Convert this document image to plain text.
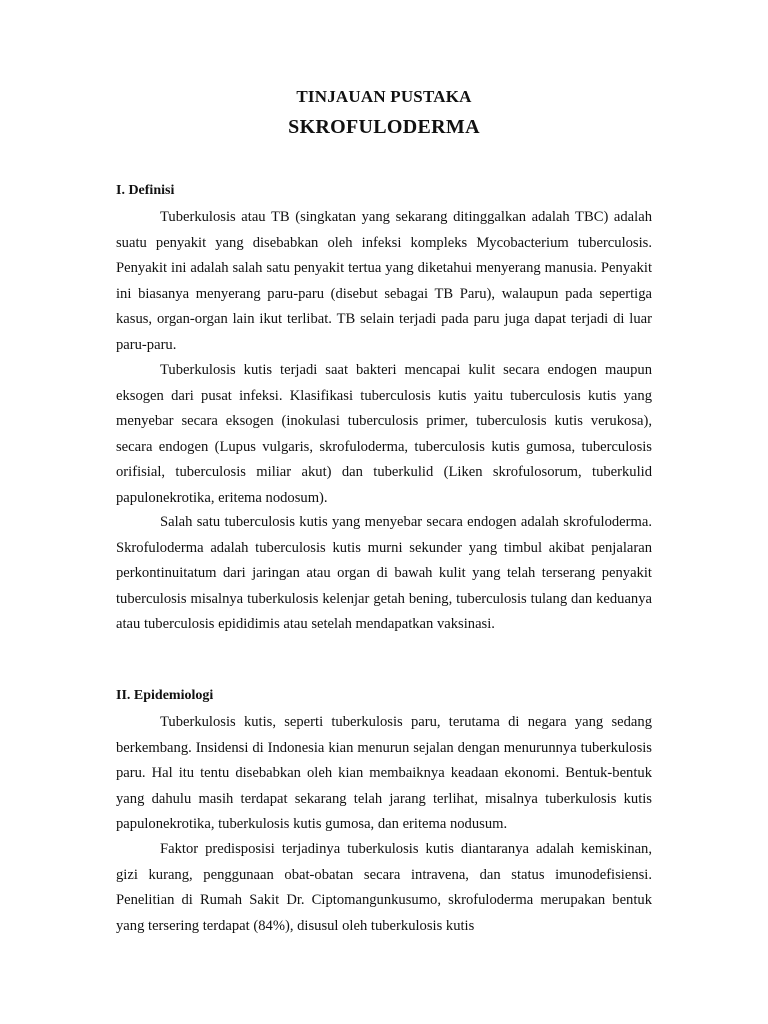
TINJAUAN PUSTAKA
SKROFULODERMA
I. Definisi

Tuberkulosis atau TB (singkatan yang sekarang ditinggalkan adalah TBC) adalah suatu penyakit yang disebabkan oleh infeksi kompleks Mycobacterium tuberculosis. Penyakit ini adalah salah satu penyakit tertua yang diketahui menyerang manusia. Penyakit ini biasanya menyerang paru-paru (disebut sebagai TB Paru), walaupun pada sepertiga kasus, organ-organ lain ikut terlibat. TB selain terjadi pada paru juga dapat terjadi di luar paru-paru.

Tuberkulosis kutis terjadi saat bakteri mencapai kulit secara endogen maupun eksogen dari pusat infeksi. Klasifikasi tuberculosis kutis yaitu tuberculosis kutis yang menyebar secara eksogen (inokulasi tuberculosis primer, tuberculosis kutis verukosa), secara endogen (Lupus vulgaris, skrofuloderma, tuberculosis kutis gumosa, tuberculosis orifisial, tuberculosis miliar akut) dan tuberkulid (Liken skrofulosorum, tuberkulid papulonekrotika, eritema nodosum).

Salah satu tuberculosis kutis yang menyebar secara endogen adalah skrofuloderma. Skrofuloderma adalah tuberculosis kutis murni sekunder yang timbul akibat penjalaran perkontinuitatum dari jaringan atau organ di bawah kulit yang telah terserang penyakit tuberculosis misalnya tuberkulosis kelenjar getah bening, tuberculosis tulang dan keduanya atau tuberculosis epididimis atau setelah mendapatkan vaksinasi.

II. Epidemiologi

Tuberkulosis kutis, seperti tuberkulosis paru, terutama di negara yang sedang berkembang. Insidensi di Indonesia kian menurun sejalan dengan menurunnya tuberkulosis paru. Hal itu tentu disebabkan oleh kian membaiknya keadaan ekonomi. Bentuk-bentuk yang dahulu masih terdapat sekarang telah jarang terlihat, misalnya tuberkulosis kutis papulonekrotika, tuberkulosis kutis gumosa, dan eritema nodusum.

Faktor predisposisi terjadinya tuberkulosis kutis diantaranya adalah kemiskinan, gizi kurang, penggunaan obat-obatan secara intravena, dan status imunodefisiensi. Penelitian di Rumah Sakit Dr. Ciptomangunkusumo, skrofuloderma merupakan bentuk yang tersering terdapat (84%), disusul oleh tuberkulosis kutis
